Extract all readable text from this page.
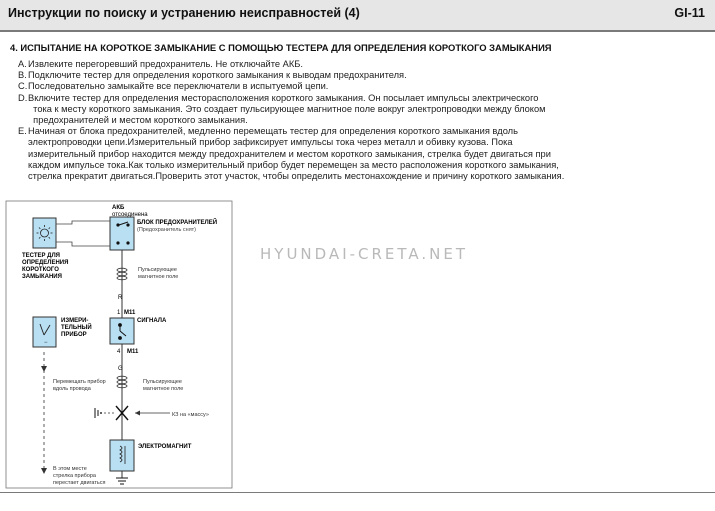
Инструкции по поиску и устранению неисправностей (4)	GI-11
4. ИСПЫТАНИЕ НА КОРОТКОЕ ЗАМЫКАНИЕ С ПОМОЩЬЮ ТЕСТЕРА ДЛЯ ОПРЕДЕЛЕНИЯ КОРОТКОГО ЗАМЫКАНИЯ
A. Извлеките перегоревший предохранитель. Не отключайте АКБ.
B. Подключите тестер для определения короткого замыкания к выводам предохранителя.
C. Последовательно замыкайте все переключатели в испытуемой цепи.
D. Включите тестер для определения месторасположения короткого замыкания. Он посылает импульсы электрического
тока к месту короткого замыкания. Это создает пульсирующее магнитное поле вокруг электропроводки между блоком
предохранителей и местом короткого замыкания.
E. Начиная от блока предохранителей, медленно перемещать тестер для определения короткого замыкания вдоль
электропроводки цепи.Измерительный прибор зафиксирует импульсы тока через металл и обивку кузова. Пока
измерительный прибор находится между предохранителем и местом короткого замыкания, стрелка будет двигаться при
каждом импульсе тока.Как только измерительный прибор будет перемещен за место расположения короткого замыкания,
стрелка прекратит двигаться.Проверить этот участок, чтобы определить местонахождение и причину короткого замыкания.
HYUNDAI-CRETA.NET
−
АКБ
отсоединена
БЛОК ПРЕДОХРАНИТЕЛЕЙ
(Предохранитель снят)
ТЕСТЕР ДЛЯ
ОПРЕДЕЛЕНИЯ
КОРОТКОГО
ЗАМЫКАНИЯ
Пульсирующее
магнитное поле
R
1 M11
СИГНАЛА
4 M11
G
ИЗМЕРИ-
ТЕЛЬНЫЙ
ПРИБОР
Перемещать прибор
вдоль провода
Пульсирующее
магнитное поле
КЗ на «массу»
ЭЛЕКТРОМАГНИТ
В этом месте
стрелка прибора
перестает двигаться
